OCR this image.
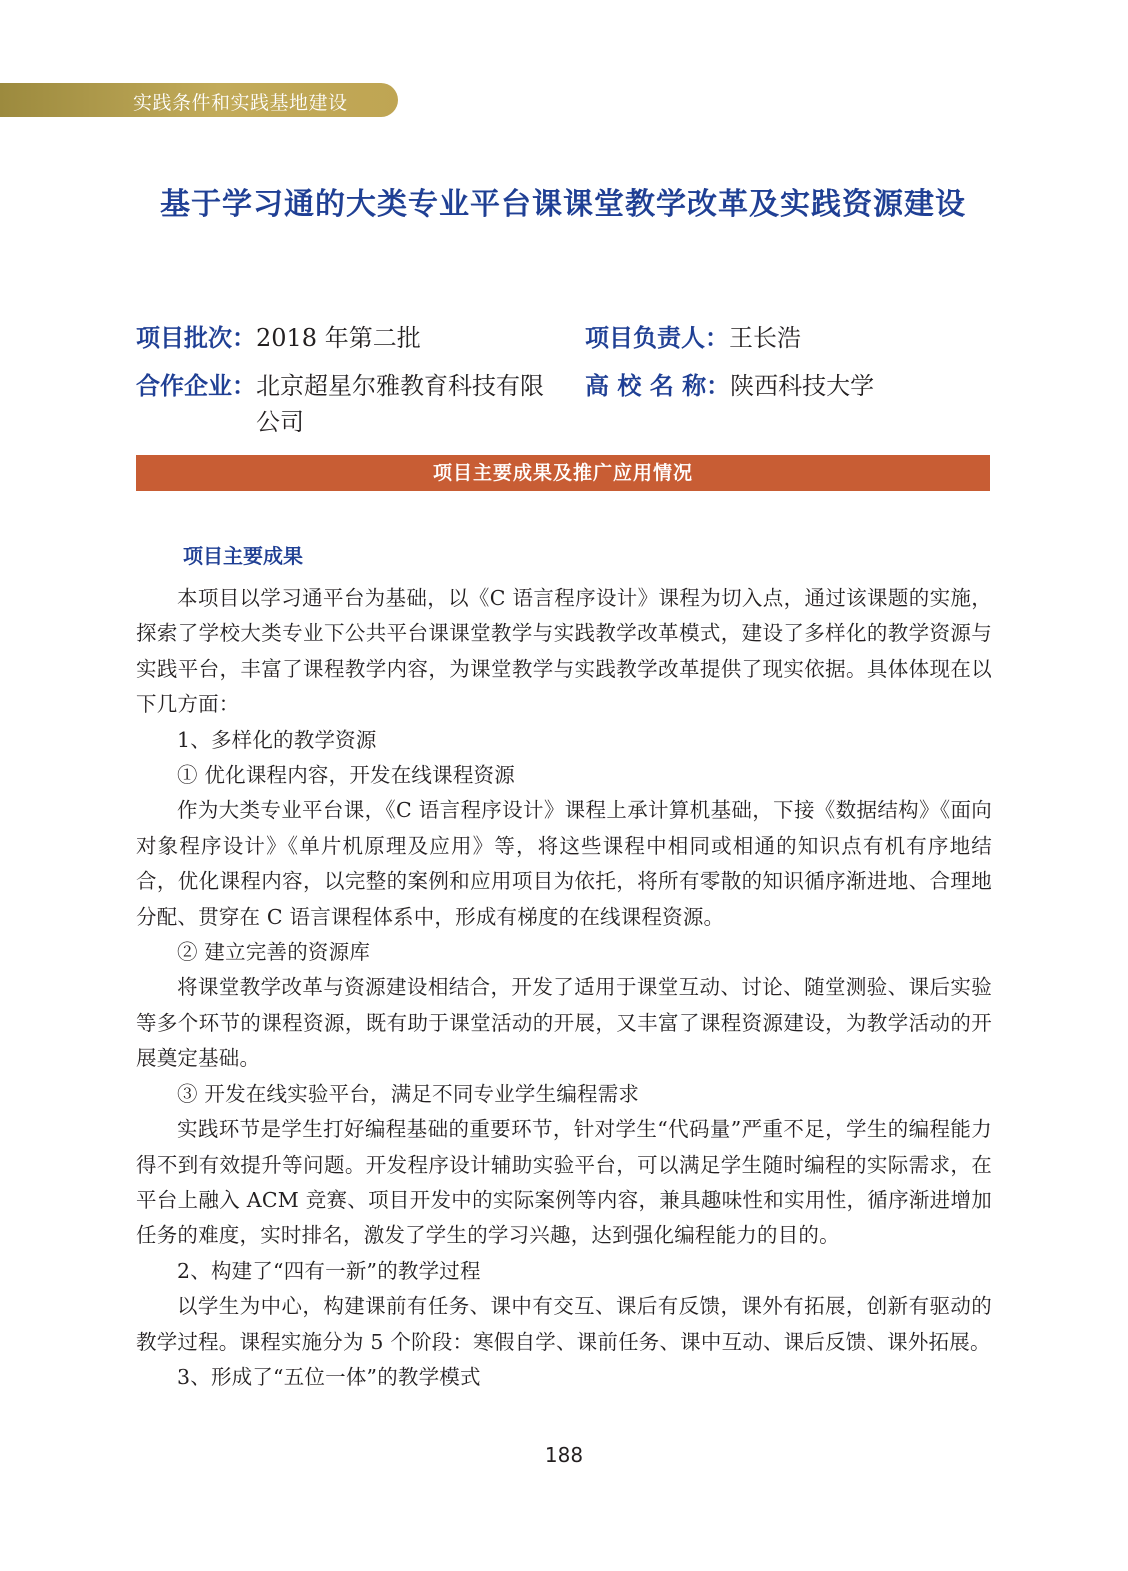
实践条件和实践基地建设
基于学习通的大类专业平台课课堂教学改革及实践资源建设
项目批次：2018 年第二批	项目负责人：王长浩
合作企业：北京超星尔雅教育科技有限公司
高 校 名 称：陕西科技大学
项目主要成果及推广应用情况
项目主要成果

本项目以学习通平台为基础，以《C 语言程序设计》课程为切入点，通过该课题的实施，探索了学校大类专业下公共平台课课堂教学与实践教学改革模式，建设了多样化的教学资源与实践平台，丰富了课程教学内容，为课堂教学与实践教学改革提供了现实依据。具体体现在以下几方面：

1、多样化的教学资源

① 优化课程内容，开发在线课程资源

作为大类专业平台课，《C 语言程序设计》课程上承计算机基础，下接《数据结构》《面向对象程序设计》《单片机原理及应用》等，将这些课程中相同或相通的知识点有机有序地结合，优化课程内容，以完整的案例和应用项目为依托，将所有零散的知识循序渐进地、合理地分配、贯穿在 C 语言课程体系中，形成有梯度的在线课程资源。

② 建立完善的资源库

将课堂教学改革与资源建设相结合，开发了适用于课堂互动、讨论、随堂测验、课后实验等多个环节的课程资源，既有助于课堂活动的开展，又丰富了课程资源建设，为教学活动的开展奠定基础。

③ 开发在线实验平台，满足不同专业学生编程需求

实践环节是学生打好编程基础的重要环节，针对学生“代码量”严重不足，学生的编程能力得不到有效提升等问题。开发程序设计辅助实验平台，可以满足学生随时编程的实际需求，在平台上融入 ACM 竞赛、项目开发中的实际案例等内容，兼具趣味性和实用性，循序渐进增加任务的难度，实时排名，激发了学生的学习兴趣，达到强化编程能力的目的。

2、构建了“四有一新”的教学过程

以学生为中心，构建课前有任务、课中有交互、课后有反馈，课外有拓展，创新有驱动的教学过程。课程实施分为 5 个阶段：寒假自学、课前任务、课中互动、课后反馈、课外拓展。

3、形成了“五位一体”的教学模式

188
